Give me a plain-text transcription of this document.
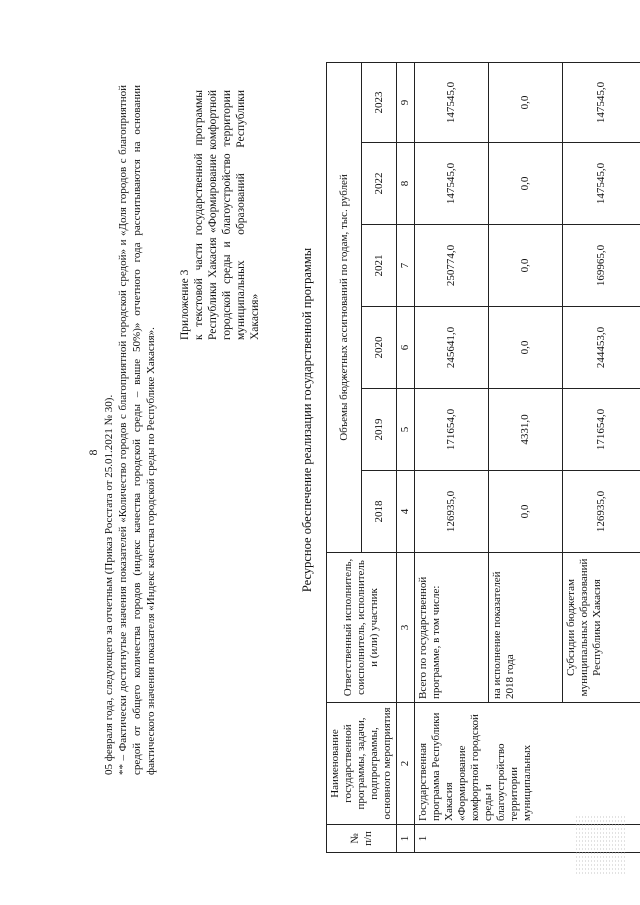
8 05 февраля года, следующего за отчетным (Приказ Росстата от 25.01.2021 № 30). ** – Фактически достигнутые значения показателей «Количество городов с благоприятной городской средой» и «Доля городов с благоприятной средой от общего количества городов (индекс качества городской среды – выше 50%)» отчетного года рассчитываются на основании фактического значения показателя «Индекс качества городской среды по Республике Хакасия».

Приложение 3 к текстовой части государственной программы Республики Хакасия «Формирование комфортной городской среды и благоустройство территории муниципальных образований Республики Хакасия»	Ресурсное обеспечение реализации государственной программы
№ п/п	Наименование государственной программы, задачи, подпрограммы, основного мероприятия	Ответственный исполнитель, соисполнитель, исполнитель и (или) участник	Объемы бюджетных ассигнований по годам, тыс. рублей					
			2018	2019	2020	2021	2022	2023
1	2	3	4	5	6	7	8	9
1	Государственная программа Республики Хакасия «Формирование комфортной городской среды и благоустройство территории муниципальных	Всего по государственной программе, в том числе:	126935,0	171654,0	245641,0	250774,0	147545,0	147545,0
		на исполнение показателей 2018 года	0,0	4331,0	0,0	0,0	0,0	0,0
		Субсидии бюджетам муниципальных образований Республики Хакасия	126935,0	171654,0	244453,0	169965,0	147545,0	147545,0
